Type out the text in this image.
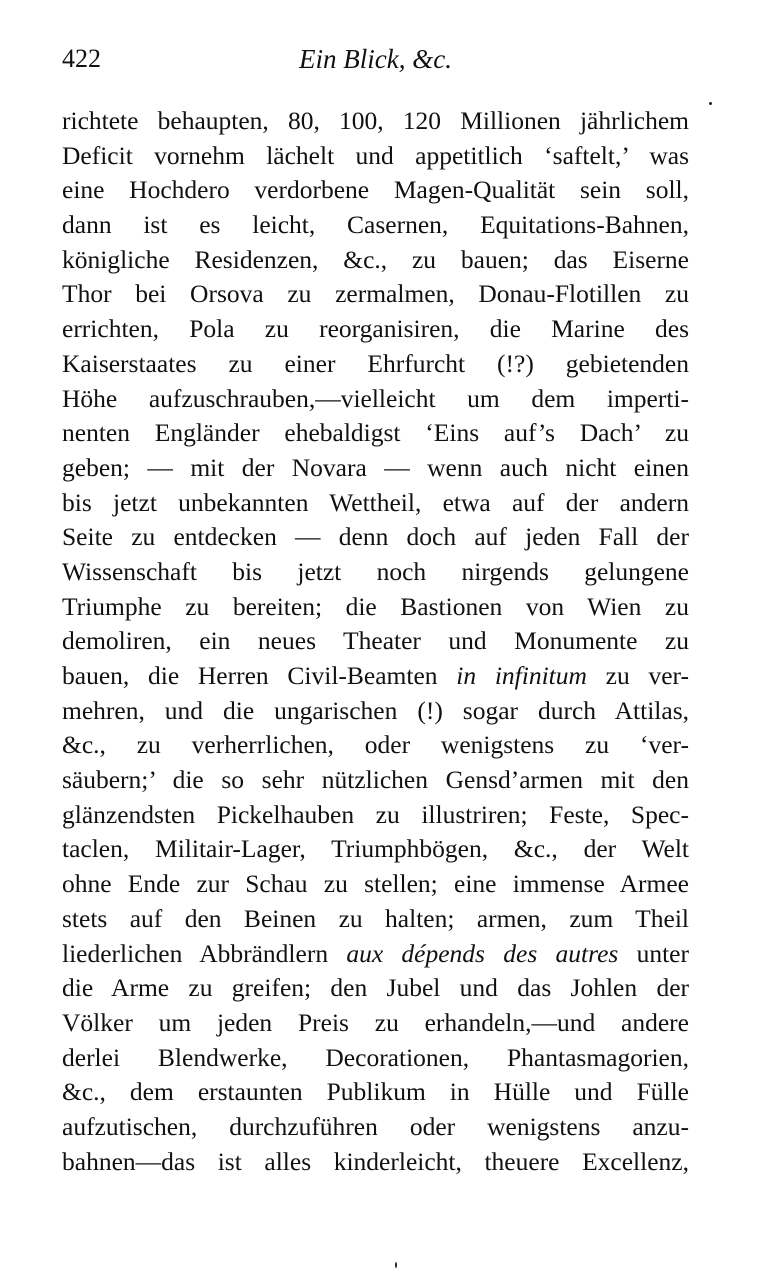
422	Ein Blick, &c.
richtete behaupten, 80, 100, 120 Millionen jährlichem
Deficit vornehm lächelt und appetitlich ‘saftelt,’ was
eine Hochdero verdorbene Magen-Qualität sein soll,
dann ist es leicht, Casernen, Equitations-Bahnen,
königliche Residenzen, &c., zu bauen; das Eiserne
Thor bei Orsova zu zermalmen, Donau-Flotillen zu
errichten, Pola zu reorganisiren, die Marine des
Kaiserstaates zu einer Ehrfurcht (!?) gebietenden
Höhe aufzuschrauben,—vielleicht um dem imperti-
nenten Engländer ehebaldigst ‘Eins auf’s Dach’ zu
geben; — mit der Novara — wenn auch nicht einen
bis jetzt unbekannten Wettheil, etwa auf der andern
Seite zu entdecken — denn doch auf jeden Fall der
Wissenschaft bis jetzt noch nirgends gelungene
Triumphe zu bereiten; die Bastionen von Wien zu
demoliren, ein neues Theater und Monumente zu
bauen, die Herren Civil-Beamten in infinitum zu ver-
mehren, und die ungarischen (!) sogar durch Attilas,
&c., zu verherrlichen, oder wenigstens zu ‘ver-
säubern;’ die so sehr nützlichen Gensd’armen mit den
glänzendsten Pickelhauben zu illustriren; Feste, Spec-
taclen, Militair-Lager, Triumphbögen, &c., der Welt
ohne Ende zur Schau zu stellen; eine immense Armee
stets auf den Beinen zu halten; armen, zum Theil
liederlichen Abbrändlern aux dépends des autres unter
die Arme zu greifen; den Jubel und das Johlen der
Völker um jeden Preis zu erhandeln,—und andere
derlei Blendwerke, Decorationen, Phantasmagorien,
&c., dem erstaunten Publikum in Hülle und Fülle
aufzutischen, durchzuführen oder wenigstens anzu-
bahnen—das ist alles kinderleicht, theuere Excellenz,
